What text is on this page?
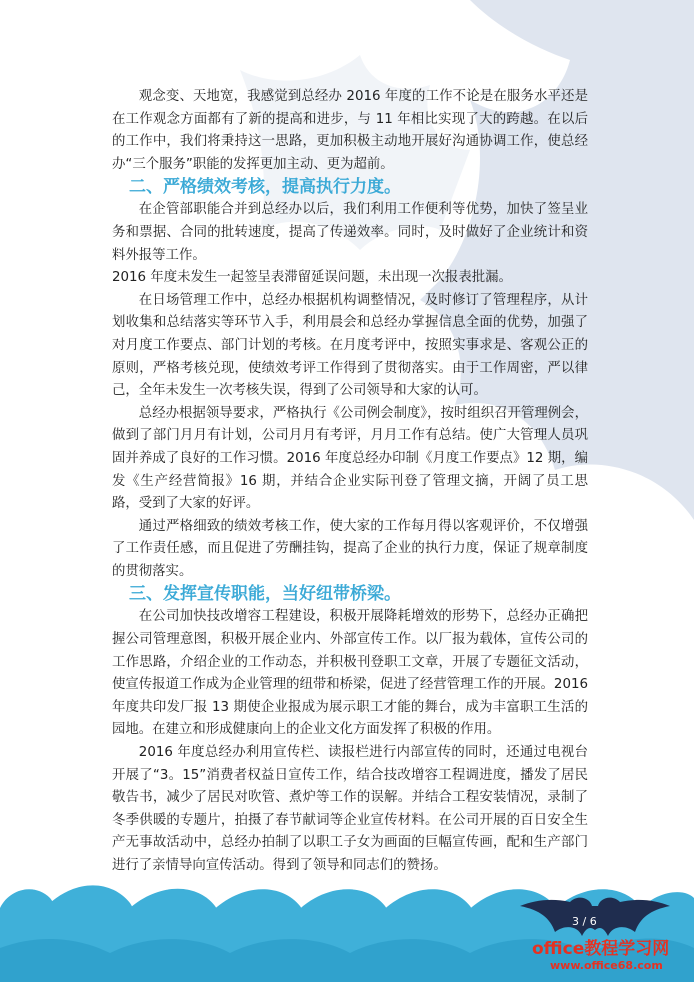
观念变、天地宽，我感觉到总经办 2016 年度的工作不论是在服务水平还是在工作观念方面都有了新的提高和进步，与 11 年相比实现了大的跨越。在以后的工作中，我们将秉持这一思路，更加积极主动地开展好沟通协调工作，使总经办“三个服务”职能的发挥更加主动、更为超前。

二、严格绩效考核，提高执行力度。

在企管部职能合并到总经办以后，我们利用工作便利等优势，加快了签呈业务和票据、合同的批转速度，提高了传递效率。同时，及时做好了企业统计和资料外报等工作。

2016 年度未发生一起签呈表滞留延误问题，未出现一次报表批漏。

在日场管理工作中，总经办根据机构调整情况，及时修订了管理程序，从计划收集和总结落实等环节入手，利用晨会和总经办掌握信息全面的优势，加强了对月度工作要点、部门计划的考核。在月度考评中，按照实事求是、客观公正的原则，严格考核兑现，使绩效考评工作得到了贯彻落实。由于工作周密，严以律己，全年未发生一次考核失误，得到了公司领导和大家的认可。

总经办根据领导要求，严格执行《公司例会制度》，按时组织召开管理例会，做到了部门月月有计划，公司月月有考评，月月工作有总结。使广大管理人员巩固并养成了良好的工作习惯。2016 年度总经办印制《月度工作要点》12 期，编发《生产经营简报》16 期，并结合企业实际刊登了管理文摘，开阔了员工思路，受到了大家的好评。

通过严格细致的绩效考核工作，使大家的工作每月得以客观评价，不仅增强了工作责任感，而且促进了劳酬挂钩，提高了企业的执行力度，保证了规章制度的贯彻落实。

三、发挥宣传职能，当好纽带桥梁。

在公司加快技改增容工程建设，积极开展降耗增效的形势下，总经办正确把握公司管理意图，积极开展企业内、外部宣传工作。以厂报为载体，宣传公司的工作思路，介绍企业的工作动态，并积极刊登职工文章，开展了专题征文活动，使宣传报道工作成为企业管理的纽带和桥梁，促进了经营管理工作的开展。2016 年度共印发厂报 13 期使企业报成为展示职工才能的舞台，成为丰富职工生活的园地。在建立和形成健康向上的企业文化方面发挥了积极的作用。

2016 年度总经办利用宣传栏、读报栏进行内部宣传的同时，还通过电视台开展了“3。15”消费者权益日宣传工作，结合技改增容工程调进度，播发了居民敬告书，减少了居民对吹管、煮炉等工作的误解。并结合工程安装情况，录制了冬季供暖的专题片，拍摄了春节献词等企业宣传材料。在公司开展的百日安全生产无事故活动中，总经办拍制了以职工子女为画面的巨幅宣传画，配和生产部门进行了亲情导向宣传活动。得到了领导和同志们的赞扬。

3 / 6
office教程学习网
www.office68.com
